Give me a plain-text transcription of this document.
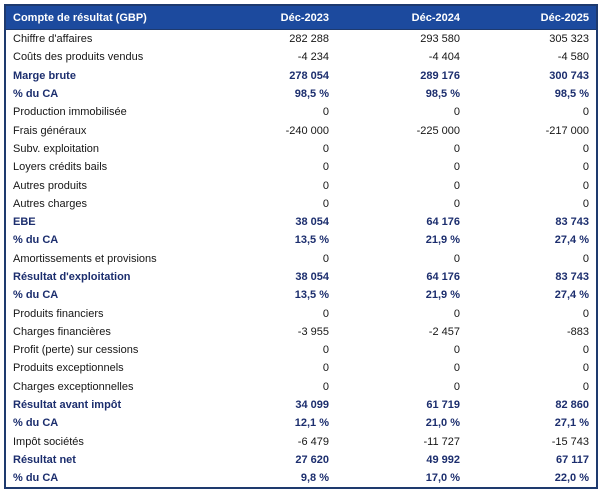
Compte de résultat (GBP)	Déc-2023	Déc-2024	Déc-2025
Chiffre d'affaires	282 288	293 580	305 323
Coûts des produits vendus	-4 234	-4 404	-4 580
Marge brute	278 054	289 176	300 743
% du CA	98,5 %	98,5 %	98,5 %
Production immobilisée	0	0	0
Frais généraux	-240 000	-225 000	-217 000
Subv. exploitation	0	0	0
Loyers crédits bails	0	0	0
Autres produits	0	0	0
Autres charges	0	0	0
EBE	38 054	64 176	83 743
% du CA	13,5 %	21,9 %	27,4 %
Amortissements et provisions	0	0	0
Résultat d'exploitation	38 054	64 176	83 743
% du CA	13,5 %	21,9 %	27,4 %
Produits financiers	0	0	0
Charges financières	-3 955	-2 457	-883
Profit (perte) sur cessions	0	0	0
Produits exceptionnels	0	0	0
Charges exceptionnelles	0	0	0
Résultat avant impôt	34 099	61 719	82 860
% du CA	12,1 %	21,0 %	27,1 %
Impôt sociétés	-6 479	-11 727	-15 743
Résultat net	27 620	49 992	67 117
% du CA	9,8 %	17,0 %	22,0 %
